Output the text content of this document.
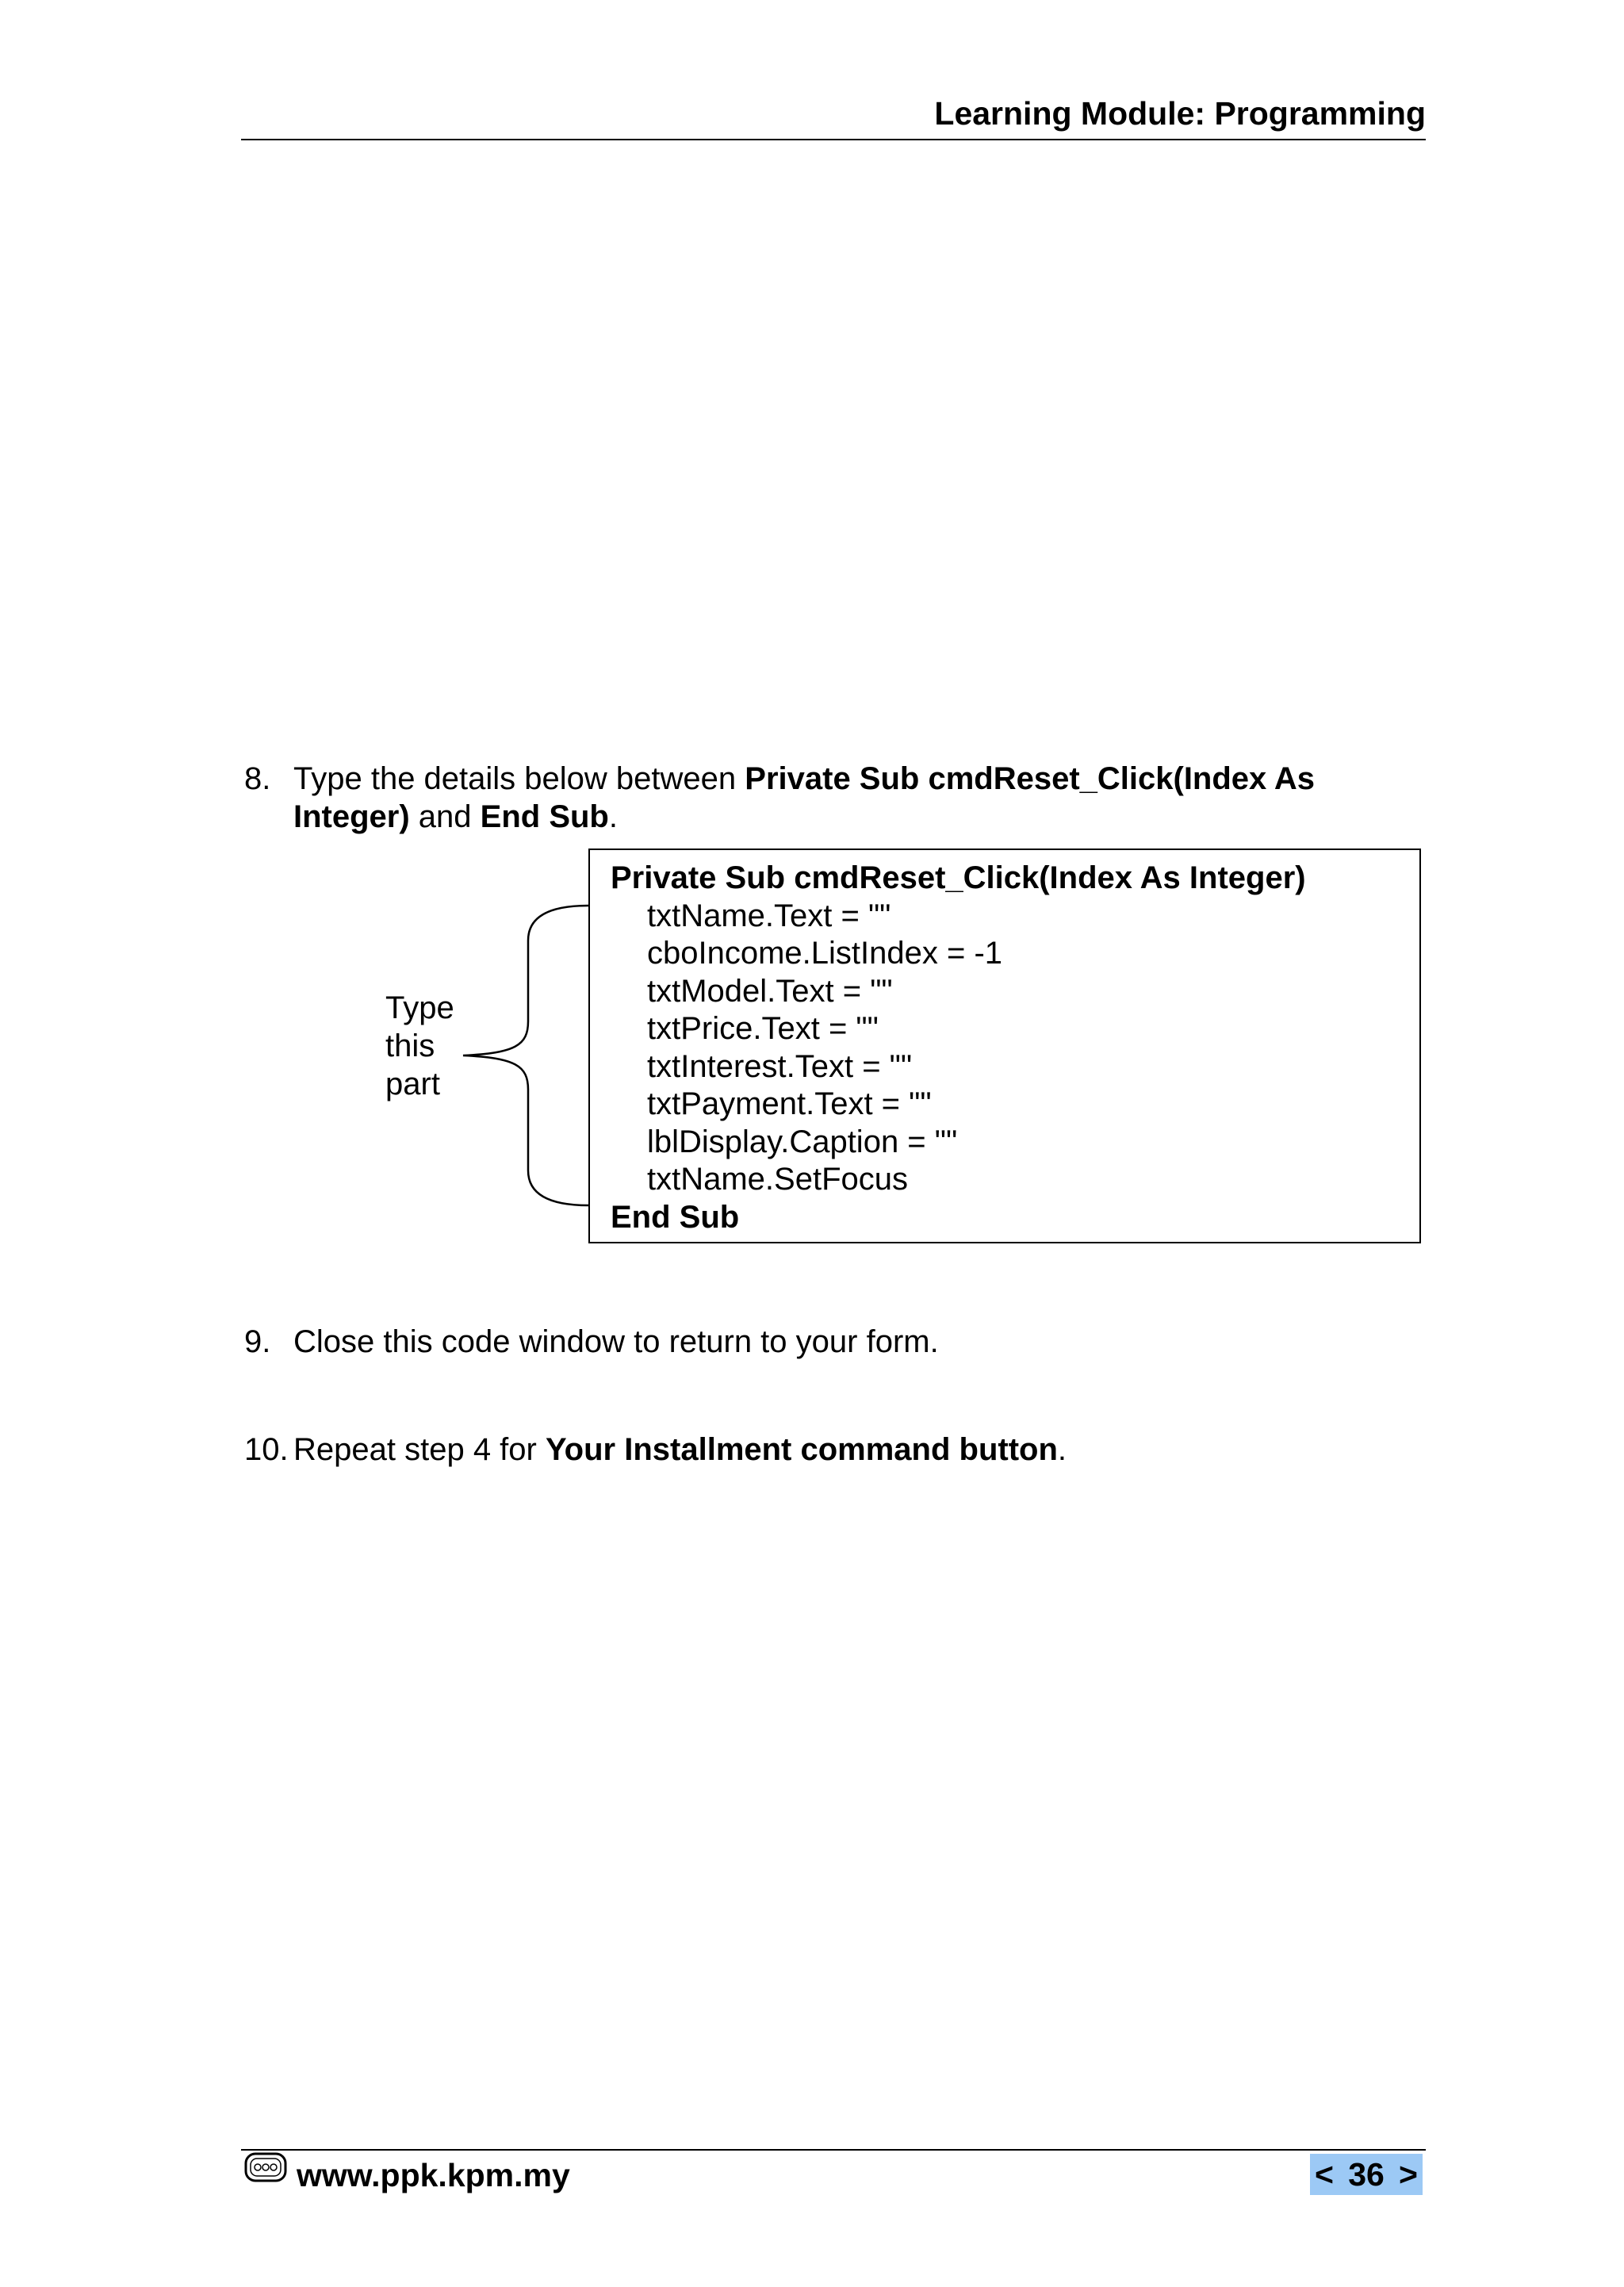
Learning Module: Programming
8. Type the details below between Private Sub cmdReset_Click(Index As
Integer) and End Sub.
Type
this
part
Private Sub cmdReset_Click(Index As Integer)
txtName.Text = ""
cboIncome.ListIndex = -1
txtModel.Text = ""
txtPrice.Text = ""
txtInterest.Text = ""
txtPayment.Text = ""
lblDisplay.Caption = ""
txtName.SetFocus
End Sub
9. Close this code window to return to your form.
10. Repeat step 4 for Your Installment command button.
www.ppk.kpm.my	< 36 >
